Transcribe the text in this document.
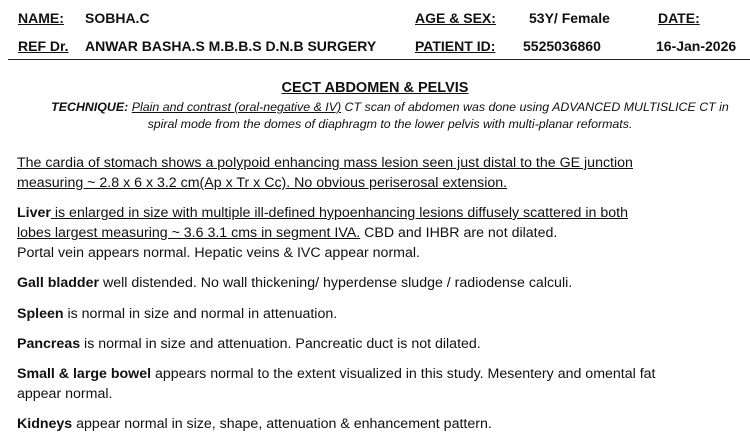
NAME: SOBHA.C	AGE & SEX: 53Y/ Female	DATE:
REF Dr. ANWAR BASHA.S M.B.B.S D.N.B SURGERY	PATIENT ID: 5525036860	16-Jan-2026
CECT ABDOMEN & PELVIS
TECHNIQUE: Plain and contrast (oral-negative & IV) CT scan of abdomen was done using ADVANCED MULTISLICE CT in
spiral mode from the domes of diaphragm to the lower pelvis with multi-planar reformats.
The cardia of stomach shows a polypoid enhancing mass lesion seen just distal to the GE junction
measuring ~ 2.8 x 6 x 3.2 cm(Ap x Tr x Cc). No obvious periserosal extension.
Liver is enlarged in size with multiple ill-defined hypoenhancing lesions diffusely scattered in both
lobes largest measuring ~ 3.6 3.1 cms in segment IVA. CBD and IHBR are not dilated.
Portal vein appears normal. Hepatic veins & IVC appear normal.
Gall bladder well distended. No wall thickening/ hyperdense sludge / radiodense calculi.
Spleen is normal in size and normal in attenuation.
Pancreas is normal in size and attenuation. Pancreatic duct is not dilated.
Small & large bowel appears normal to the extent visualized in this study. Mesentery and omental fat
appear normal.
Kidneys appear normal in size, shape, attenuation & enhancement pattern.
